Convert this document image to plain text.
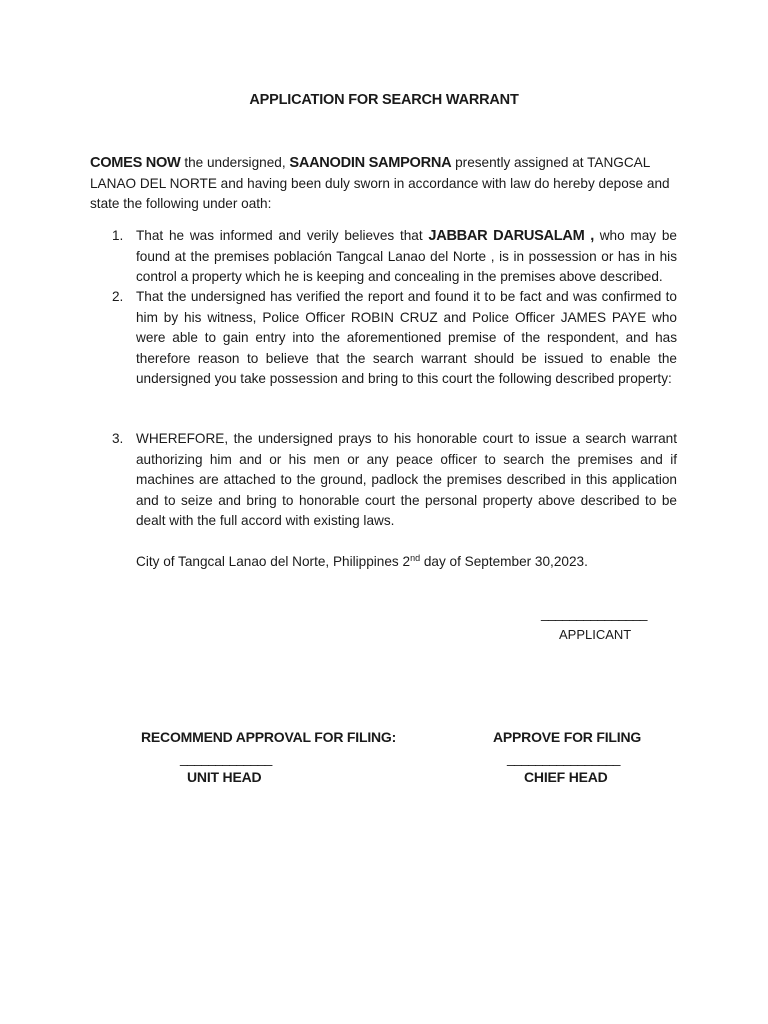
APPLICATION FOR SEARCH WARRANT
COMES NOW the undersigned, SAANODIN SAMPORNA presently assigned at TANGCAL LANAO DEL NORTE and having been duly sworn in accordance with law do hereby depose and state the following under oath:
1. That he was informed and verily believes that JABBAR DARUSALAM , who may be found at the premises población Tangcal Lanao del Norte , is in possession or has in his control a property which he is keeping and concealing in the premises above described.
2. That the undersigned has verified the report and found it to be fact and was confirmed to him by his witness, Police Officer ROBIN CRUZ and Police Officer JAMES PAYE who were able to gain entry into the aforementioned premise of the respondent, and has therefore reason to believe that the search warrant should be issued to enable the undersigned you take possession and bring to this court the following described property:
3. WHEREFORE, the undersigned prays to his honorable court to issue a search warrant authorizing him and or his men or any peace officer to search the premises and if machines are attached to the ground, padlock the premises described in this application and to seize and bring to honorable court the personal property above described to be dealt with the full accord with existing laws.
City of Tangcal Lanao del Norte, Philippines 2nd day of September 30,2023.
_______________
APPLICANT
RECOMMEND APPROVAL FOR FILING:
_____________
UNIT HEAD
APPROVE FOR FILING
________________
CHIEF HEAD
